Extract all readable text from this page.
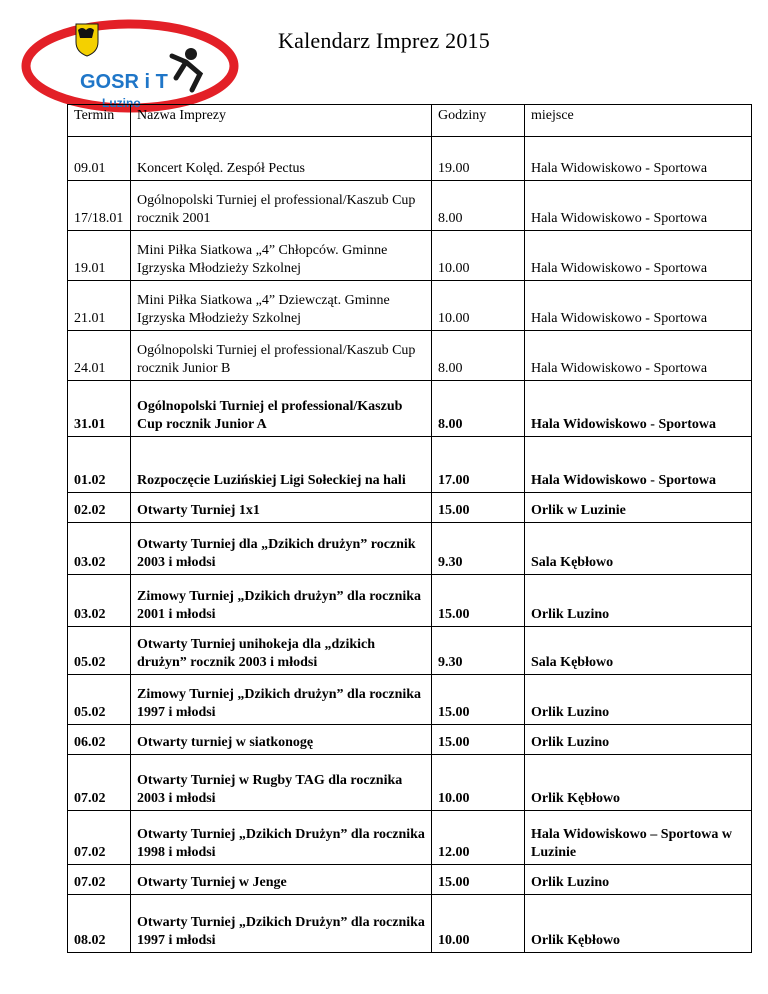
GOSR i T
Luzino
Kalendarz Imprez 2015
Termin	Nazwa Imprezy	Godziny	miejsce
09.01	Koncert Kolęd. Zespół Pectus	19.00	Hala Widowiskowo - Sportowa
17/18.01	Ogólnopolski Turniej el professional/Kaszub Cup rocznik 2001	8.00	Hala Widowiskowo - Sportowa
19.01	Mini Piłka Siatkowa „4” Chłopców. Gminne Igrzyska Młodzieży Szkolnej	10.00	Hala Widowiskowo - Sportowa
21.01	Mini Piłka Siatkowa „4” Dziewcząt. Gminne Igrzyska Młodzieży Szkolnej	10.00	Hala Widowiskowo - Sportowa
24.01	Ogólnopolski Turniej el professional/Kaszub Cup rocznik Junior B	8.00	Hala Widowiskowo - Sportowa
31.01	Ogólnopolski Turniej el professional/Kaszub Cup rocznik Junior A	8.00	Hala Widowiskowo - Sportowa
01.02	Rozpoczęcie Luzińskiej Ligi Sołeckiej na hali	17.00	Hala Widowiskowo - Sportowa
02.02	Otwarty Turniej 1x1	15.00	Orlik w Luzinie
03.02	Otwarty Turniej dla „Dzikich drużyn” rocznik 2003 i młodsi	9.30	Sala Kębłowo
03.02	Zimowy Turniej „Dzikich drużyn” dla rocznika 2001 i młodsi	15.00	Orlik Luzino
05.02	Otwarty Turniej unihokeja dla „dzikich drużyn” rocznik 2003 i młodsi	9.30	Sala Kębłowo
05.02	Zimowy Turniej „Dzikich drużyn” dla rocznika 1997 i młodsi	15.00	Orlik Luzino
06.02	Otwarty turniej w siatkonogę	15.00	Orlik Luzino
07.02	Otwarty Turniej w Rugby TAG dla rocznika 2003 i młodsi	10.00	Orlik Kębłowo
07.02	Otwarty Turniej „Dzikich Drużyn” dla rocznika 1998 i młodsi	12.00	Hala Widowiskowo – Sportowa w Luzinie
07.02	Otwarty Turniej w Jenge	15.00	Orlik Luzino
08.02	Otwarty Turniej „Dzikich Drużyn” dla rocznika 1997 i młodsi	10.00	Orlik Kębłowo
